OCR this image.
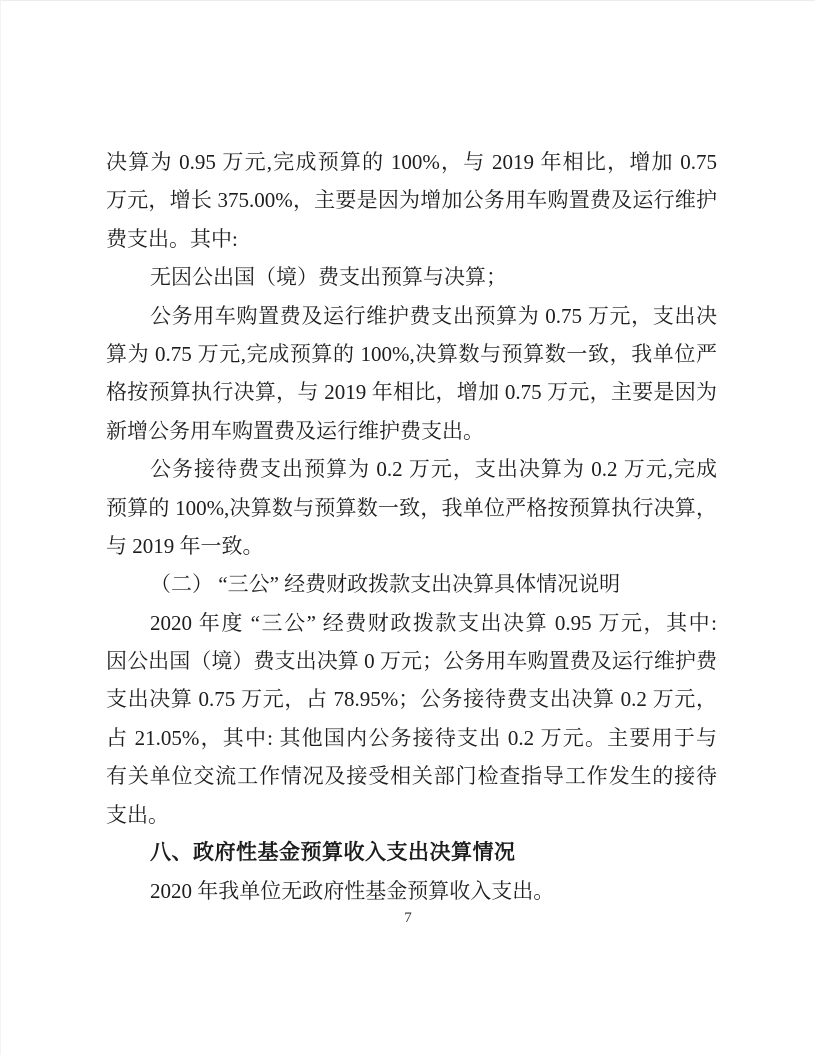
决算为 0.95 万元,完成预算的 100%，与 2019 年相比，增加 0.75
万元，增长 375.00%，主要是因为增加公务用车购置费及运行维护
费支出。其中:
无因公出国（境）费支出预算与决算；
公务用车购置费及运行维护费支出预算为 0.75 万元，支出决
算为 0.75 万元,完成预算的 100%,决算数与预算数一致，我单位严
格按预算执行决算，与 2019 年相比，增加 0.75 万元，主要是因为
新增公务用车购置费及运行维护费支出。
公务接待费支出预算为 0.2 万元，支出决算为 0.2 万元,完成
预算的 100%,决算数与预算数一致，我单位严格按预算执行决算，
与 2019 年一致。
（二） “三公” 经费财政拨款支出决算具体情况说明
2020 年度 “三公” 经费财政拨款支出决算 0.95 万元，其中:
因公出国（境）费支出决算 0 万元；公务用车购置费及运行维护费
支出决算 0.75 万元，占 78.95%；公务接待费支出决算 0.2 万元，
占 21.05%，其中: 其他国内公务接待支出 0.2 万元。主要用于与
有关单位交流工作情况及接受相关部门检查指导工作发生的接待
支出。
八、政府性基金预算收入支出决算情况
2020 年我单位无政府性基金预算收入支出。
7
